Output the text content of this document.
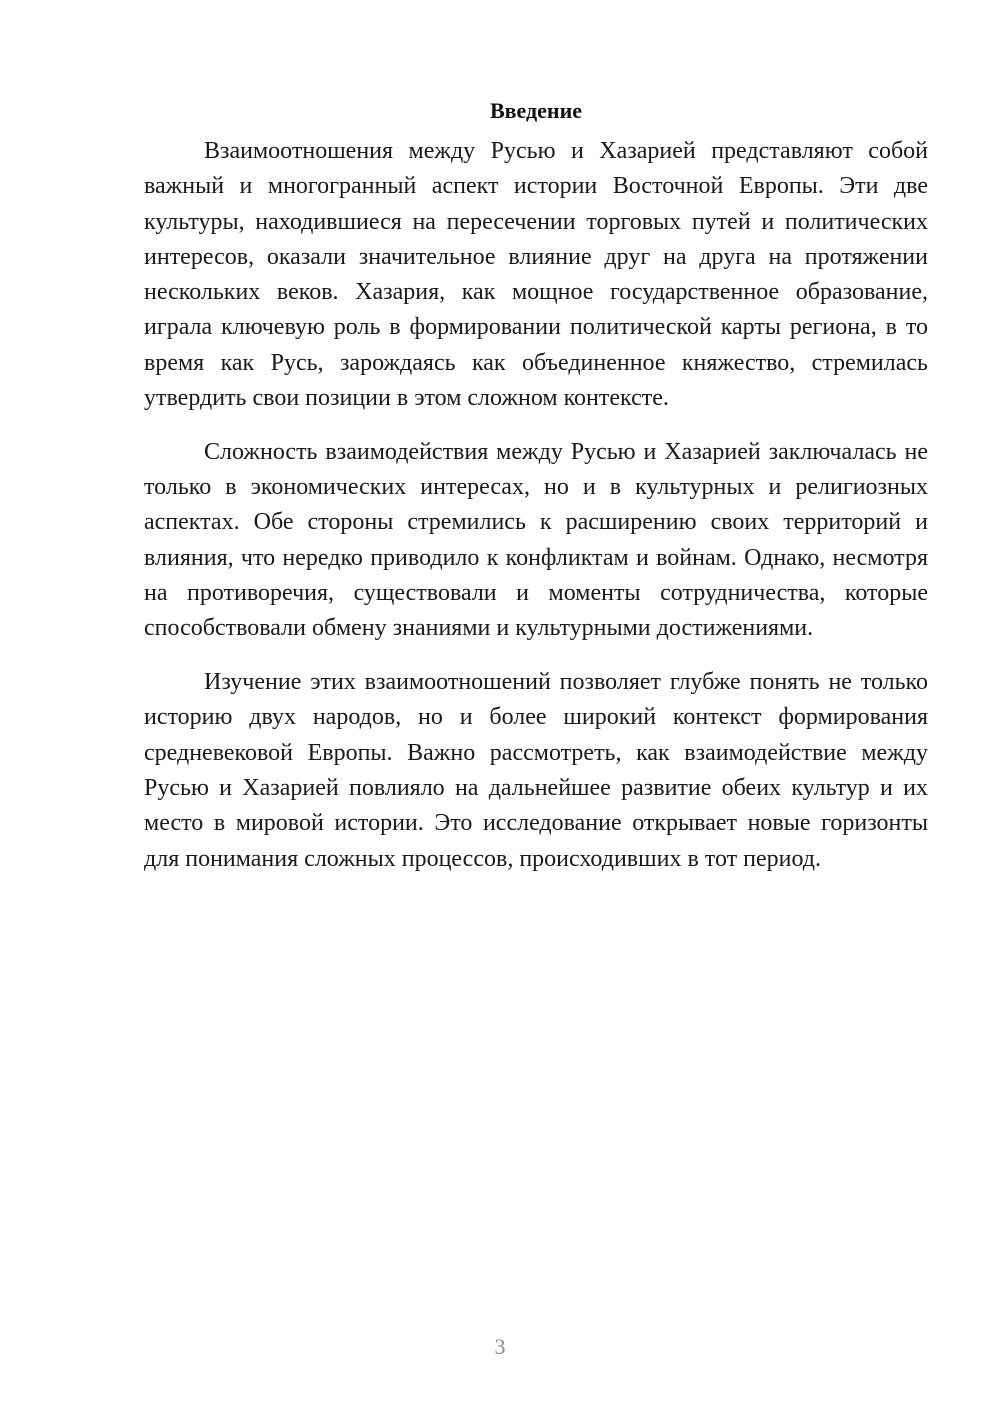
Введение

Взаимоотношения между Русью и Хазарией представляют собой важный и многогранный аспект истории Восточной Европы. Эти две культуры, находившиеся на пересечении торговых путей и политических интересов, оказали значительное влияние друг на друга на протяжении нескольких веков. Хазария, как мощное государственное образование, играла ключевую роль в формировании политической карты региона, в то время как Русь, зарождаясь как объединенное княжество, стремилась утвердить свои позиции в этом сложном контексте.

Сложность взаимодействия между Русью и Хазарией заключалась не только в экономических интересах, но и в культурных и религиозных аспектах. Обе стороны стремились к расширению своих территорий и влияния, что нередко приводило к конфликтам и войнам. Однако, несмотря на противоречия, существовали и моменты сотрудничества, которые способствовали обмену знаниями и культурными достижениями.

Изучение этих взаимоотношений позволяет глубже понять не только историю двух народов, но и более широкий контекст формирования средневековой Европы. Важно рассмотреть, как взаимодействие между Русью и Хазарией повлияло на дальнейшее развитие обеих культур и их место в мировой истории. Это исследование открывает новые горизонты для понимания сложных процессов, происходивших в тот период.

3
